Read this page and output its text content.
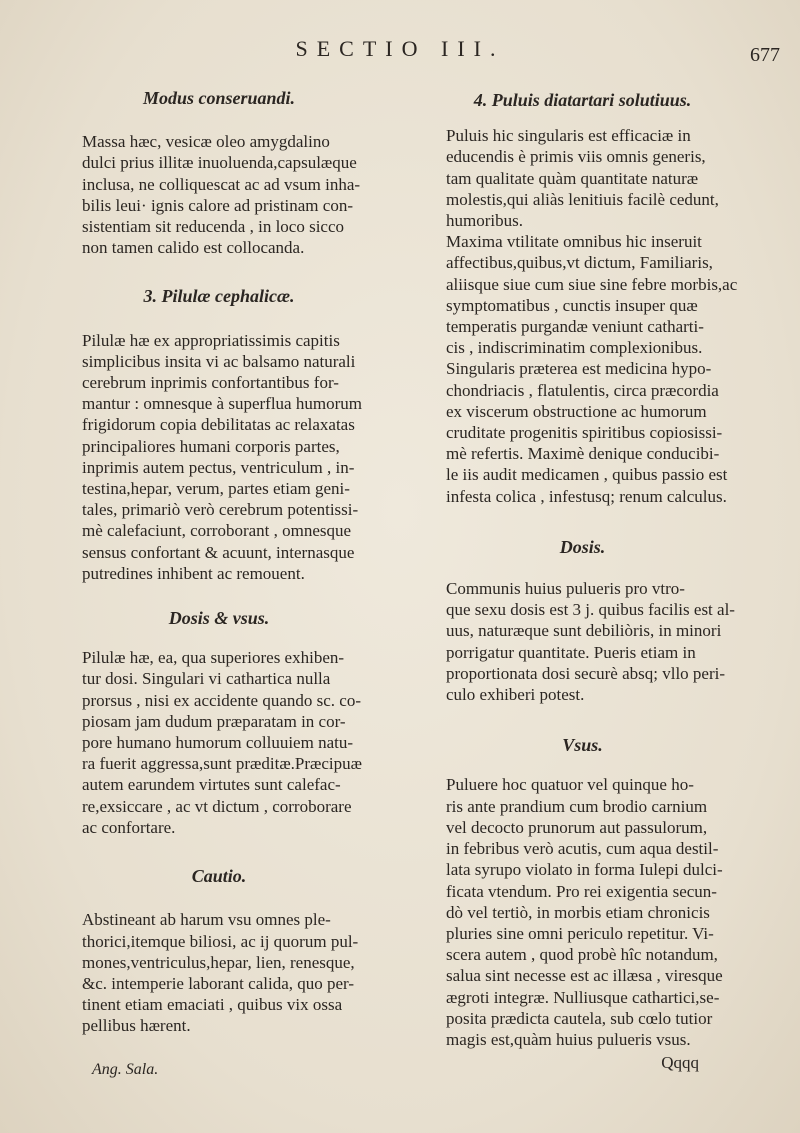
SECTIO III.	677
Modus conseruandi.
Massa hæc, vesicæ oleo amygdalino
dulci prius illitæ inuoluenda,capsulæque
inclusa, ne colliquescat ac ad vsum inha-
bilis leui· ignis calore ad pristinam con-
sistentiam sit reducenda , in loco sicco
non tamen calido est collocanda.
3. Pilulæ cephalicæ.
Pilulæ hæ ex appropriatissimis capitis
simplicibus insita vi ac balsamo naturali
cerebrum inprimis confortantibus for-
mantur : omnesque à superflua humorum
frigidorum copia debilitatas ac relaxatas
principaliores humani corporis partes,
inprimis autem pectus, ventriculum , in-
testina,hepar, verum, partes etiam geni-
tales, primariò verò cerebrum potentissi-
mè calefaciunt, corroborant , omnesque
sensus confortant & acuunt, internasque
putredines inhibent ac remouent.
Dosis & vsus.
Pilulæ hæ, ea, qua superiores exhiben-
tur dosi. Singulari vi cathartica nulla
prorsus , nisi ex accidente quando sc. co-
piosam jam dudum præparatam in cor-
pore humano humorum colluuiem natu-
ra fuerit aggressa,sunt præditæ.Præcipuæ
autem earundem virtutes sunt calefac-
re,exsiccare , ac vt dictum , corroborare
ac confortare.
Cautio.
Abstineant ab harum vsu omnes ple-
thorici,itemque biliosi, ac ij quorum pul-
mones,ventriculus,hepar, lien, renesque,
&c. intemperie laborant calida, quo per-
tinent etiam emaciati , quibus vix ossa
pellibus hærent.
Ang. Sala.
4. Puluis diatartari solutiuus.
Puluis hic singularis est efficaciæ in
educendis è primis viis omnis generis,
tam qualitate quàm quantitate naturæ
molestis,qui aliàs lenitiuis facilè cedunt,
humoribus.
Maxima vtilitate omnibus hic inseruit
affectibus,quibus,vt dictum, Familiaris,
aliisque siue cum siue sine febre morbis,ac
symptomatibus , cunctis insuper quæ
temperatis purgandæ veniunt catharti-
cis , indiscriminatim complexionibus.
Singularis præterea est medicina hypo-
chondriacis , flatulentis, circa præcordia
ex viscerum obstructione ac humorum
cruditate progenitis spiritibus copiosissi-
mè refertis. Maximè denique conducibi-
le iis audit medicamen , quibus passio est
infesta colica , infestusq; renum calculus.
Dosis.
Communis huius pulueris pro vtro-
que sexu dosis est 3 j. quibus facilis est al-
uus, naturæque sunt debiliòris, in minori
porrigatur quantitate. Pueris etiam in
proportionata dosi securè absq; vllo peri-
culo exhiberi potest.
Vsus.
Puluere hoc quatuor vel quinque ho-
ris ante prandium cum brodio carnium
vel decocto prunorum aut passulorum,
in febribus verò acutis, cum aqua destil-
lata syrupo violato in forma Iulepi dulci-
ficata vtendum. Pro rei exigentia secun-
dò vel tertiò, in morbis etiam chronicis
pluries sine omni periculo repetitur. Vi-
scera autem , quod probè hîc notandum,
salua sint necesse est ac illæsa , viresque
ægroti integræ. Nulliusque cathartici,se-
posita prædicta cautela, sub cœlo tutior
magis est,quàm huius pulueris vsus.
Qqqq
